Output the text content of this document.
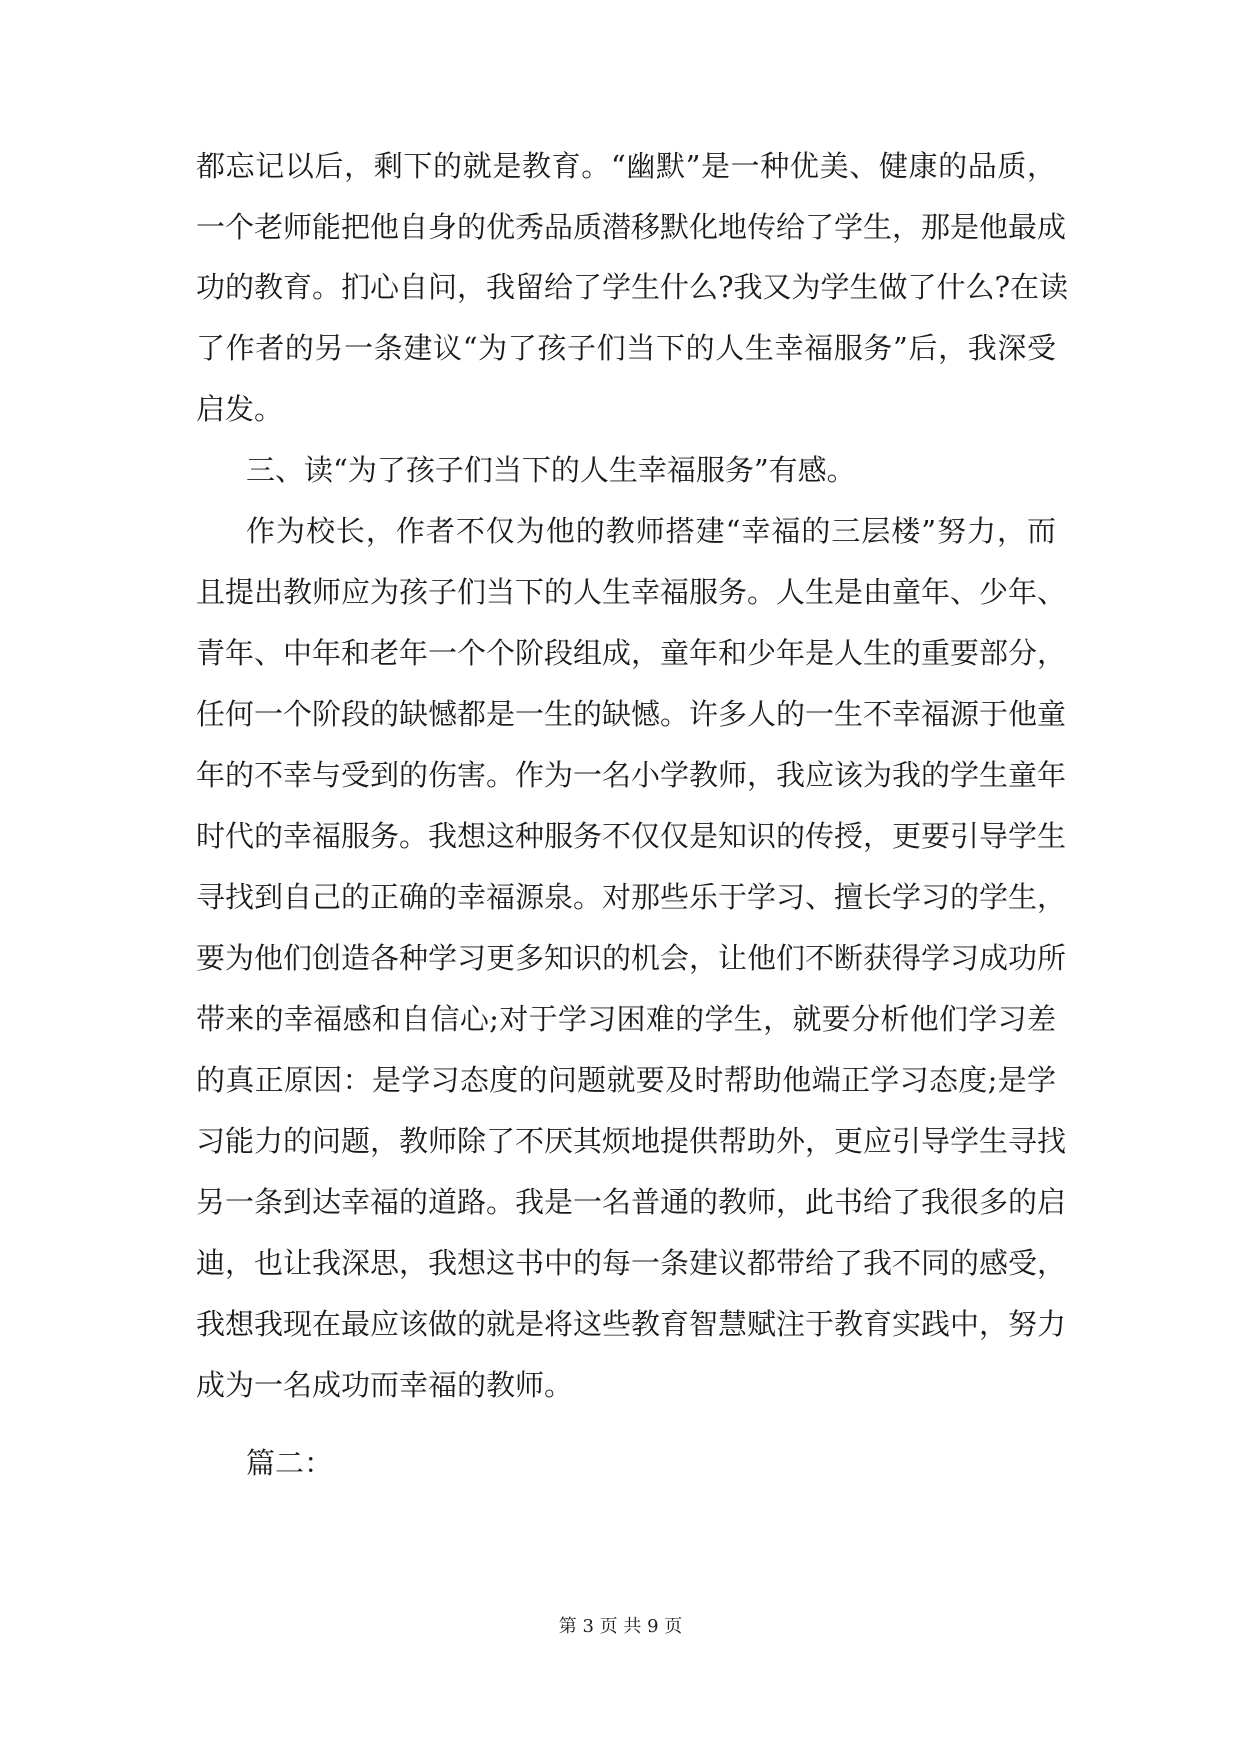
都忘记以后，剩下的就是教育。“幽默”是一种优美、健康的品质，
一个老师能把他自身的优秀品质潜移默化地传给了学生，那是他最成
功的教育。扪心自问，我留给了学生什么?我又为学生做了什么?在读
了作者的另一条建议“为了孩子们当下的人生幸福服务”后，我深受
启发。
三、读“为了孩子们当下的人生幸福服务”有感。
作为校长，作者不仅为他的教师搭建“幸福的三层楼”努力，而
且提出教师应为孩子们当下的人生幸福服务。人生是由童年、少年、
青年、中年和老年一个个阶段组成，童年和少年是人生的重要部分，
任何一个阶段的缺憾都是一生的缺憾。许多人的一生不幸福源于他童
年的不幸与受到的伤害。作为一名小学教师，我应该为我的学生童年
时代的幸福服务。我想这种服务不仅仅是知识的传授，更要引导学生
寻找到自己的正确的幸福源泉。对那些乐于学习、擅长学习的学生，
要为他们创造各种学习更多知识的机会，让他们不断获得学习成功所
带来的幸福感和自信心;对于学习困难的学生，就要分析他们学习差
的真正原因：是学习态度的问题就要及时帮助他端正学习态度;是学
习能力的问题，教师除了不厌其烦地提供帮助外，更应引导学生寻找
另一条到达幸福的道路。我是一名普通的教师，此书给了我很多的启
迪，也让我深思，我想这书中的每一条建议都带给了我不同的感受，
我想我现在最应该做的就是将这些教育智慧赋注于教育实践中，努力
成为一名成功而幸福的教师。
篇二：
第 3 页 共 9 页
